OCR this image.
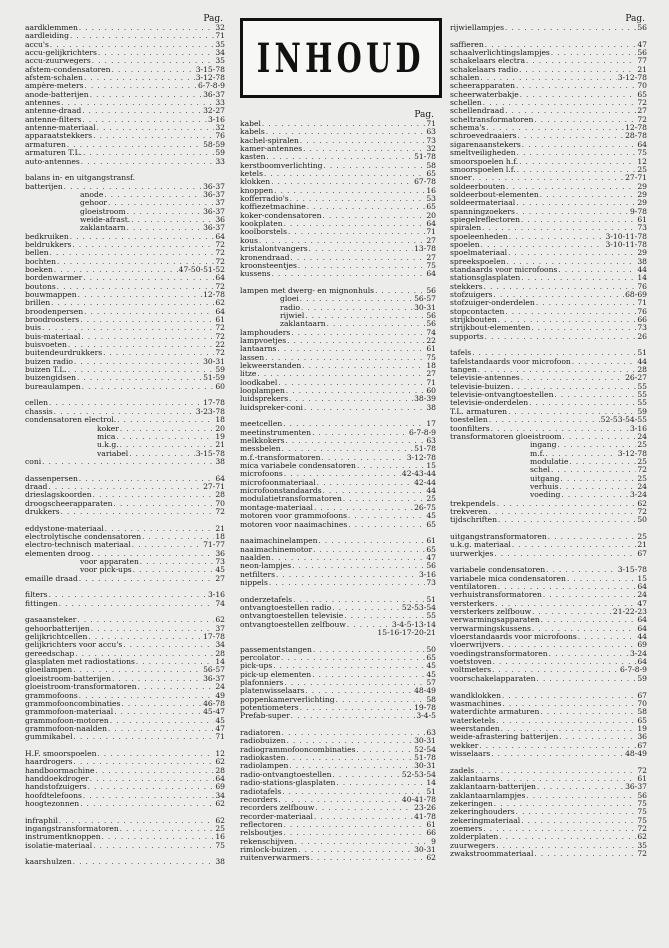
INHOUD
Pag.
aardklemmen . . .	32
aardleiding . . .	71
accu's . . .	35
accu-gelijkrichters . . .	34
accu-zuurwegers . . .	35
afstem-condensatoren . . .	3-15-78
afstem-schalen . . .	3-12-78
ampère-meters . . .	6-7-8-9
anode-batterijen . . .	36-37
antennes . . .	33
antenne-draad . . .	32-27
antenne-filters . . .	3-16
antenne-materiaal . . .	32
apparaatstekkers . . .	76
armaturen . . .	58-59
armaturen T.L. . . .	59
auto-antennes . . .	33
balans in- en uitgangstransf.
batterijen . . .	36-37
anode . . .	36-37
gehoor . . .	37
gloeistroom . . .	36-37
weide-afrast. . . .	36
zaklantaarn . . .	36-37
bedkruiken . . .	64
beldrukkers . . .	72
bellen . . .	72
bochten . . .	72
boeken . . .	47-50-51-52
bordenwarmer . . .	64
boutons . . .	72
bouwmappen . . .	12-78
brillen . . .	62
broodenpersen . . .	64
broodroosters . . .	61
buis . . .	72
buis-materiaal . . .	72
buisvoeten . . .	22
buitendeurdrukkers . . .	72
buizen radio . . .	30-31
buizen T.L. . . .	59
buizengidsen . . .	51-59
bureaulampen . . .	60
cellen . . .	17-78
chassis . . .	3-23-78
condensatoren electrol. . . .	18
koker . . .	20
mica . . .	19
u.k.g. . . .	21
variabel . . .	3-15-78
coni . . .	38
dassenpersen . . .	64
draad . . .	27-71
drieslagskoorden . . .	28
droogscheerapparaten . . .	70
drukkers . . .	72
eddystone-materiaal . . .	21
electrolytische condensatoren . . .	18
electro-technisch materiaal . . .	71-77
elementen droog . . .	36
voor apparaten . . .	73
voor pick-ups . . .	45
emaille draad . . .	27
filters . . .	3-16
fittingen . . .	74
gasaansteker . . .	62
gehoorbatterijen . . .	37
gelijkrichtcellen . . .	17-78
gelijkrichters voor accu's . . .	34
gereedschap . . .	28
glasplaten met radiostations . . .	14
gloeilampen . . .	56-57
gloeistroom-batterijen . . .	36-37
gloeistroom-transformatoren . . .	24
grammofoons . . .	49
grammofooncombinaties . . .	46-78
grammofoon-materiaal . . .	45-47
grammofoon-motoren . . .	45
grammofoon-naalden . . .	47
gummikabel . . .	71
H.F. smoorspoelen . . .	12
haardrogers . . .	62
handboormachine . . .	28
handdoekdroger . . .	64
handstofzuigers . . .	69
hoofdtelefoons . . .	34
hoogtezonnen . . .	62
infraphil . . .	62
ingangstransformatoren . . .	25
instrumentknoppen . . .	16
isolatie-materiaal . . .	75
kaarshulzen . . .	38
Pag.
kabel . . .	71
kabels . . .	63
kachel-spiralen . . .	73
kamer-antennes . . .	32
kasten . . .	51-78
kerstboomverlichting . . .	58
ketels . . .	65
klokken . . .	67-78
knoppen . . .	16
kofferradio's . . .	53
koffiezetmachine . . .	65
koker-condensatoren . . .	20
kookplaten . . .	64
koolborstels . . .	71
kous . . .	27
kristalontvangers . . .	13-78
kronendraad . . .	27
kroonsteentjes . . .	75
kussens . . .	64
lampen met dwerg- en mignonhuls . . .	56
gloei . . .	56-57
radio . . .	30-31
rijwiel . . .	56
zaklantaarn . . .	56
lamphouders . . .	74
lampvoetjes . . .	22
lantaarns . . .	61
lassen . . .	75
lekweerstanden . . .	18
litze . . .	27
loodkabel . . .	71
looplampen . . .	60
luidsprekers . . .	38-39
luidspreker-coni . . .	38
meetcellen . . .	17
meetinstrumenten . . .	6-7-8-9
melkkokers . . .	63
messbelen . . .	51-78
m.f.-transformatoren . . .	3-12-78
mica variabele condensatoren . . .	15
microfoons . . .	42-43-44
microfoonmateriaal . . .	42-44
microfoonstandaards . . .	44
modulatietransformatoren . . .	25
montage-materiaal . . .	26-75
motoren voor grammofoons . . .	45
motoren voor naaimachines . . .	65
naaimachinelampen . . .	61
naaimachinemotor . . .	65
naalden . . .	47
neon-lampjes . . .	56
netfilters . . .	3-16
nippels . . .	73
onderzetafels . . .	51
ontvangtoestellen radio . . .	52-53-54
ontvangtoestellen televisie . . .	55
ontvangtoestellen zelfbouw . . .	3-4-5-13-14
15-16-17-20-21
passementstangen . . .	50
percolator . . .	65
pick-ups . . .	45
pick-up elementen . . .	45
plafonniers . . .	57
platenwisselaars . . .	48-49
poppenkamerverlichting . . .	58
potentiometers . . .	19-78
Prefab-super . . .	3-4-5
radiatoren . . .	63
radiobuizen . . .	30-31
radiogrammofooncombinaties . . .	52-54
radiokasten . . .	51-78
radiolampen . . .	30-31
radio-ontvangtoestellen . . .	52-53-54
radio-stations-glasplaten . . .	14
radiotafels . . .	51
recorders . . .	40-41-78
recorders zelfbouw . . .	23-26
recorder-materiaal . . .	41-78
reflectoren . . .	61
relsboutjes . . .	66
rekenschijven . . .	9
rimlock-buizen . . .	30-31
ruitenverwarmers . . .	62
Pag.
rijwiellampjes . . .	56
saffieren . . .	47
schaalverlichtingslampjes . . .	56
schakelaars electra . . .	77
schakelaars radio . . .	21
schalen . . .	3-12-78
scheerapparaten . . .	70
scheerwaterbakje . . .	65
schellen . . .	72
schellendraad . . .	27
scheltransformatoren . . .	72
schema's . . .	12-78
schroevedraaiers . . .	28-78
sigarenaanstekers . . .	64
smeltveiligheden . . .	75
smoorspoelen h.f. . . .	12
smoorspoelen l.f. . . .	25
snoer . . .	27-71
soldeerbouten . . .	29
soldeerbout-elementen . . .	29
soldeermateriaal . . .	29
spanningzoekers . . .	9-78
spiegelreflectoren . . .	61
spiralen . . .	73
spoeleenheden . . .	3-10-11-78
spoelen . . .	3-10-11-78
spoelmateriaal . . .	29
spreekspoelen . . .	38
standaards voor microfoons . . .	44
stationsglasplaten . . .	14
stekkers . . .	76
stofzuigers . . .	68-69
stofzuiger-onderdelen . . .	71
stopcontacten . . .	76
strijkbouten . . .	66
strijkbout-elementen . . .	73
supports . . .	26
tafels . . .	51
tafelstandaards voor microfoon . . .	44
tangen . . .	28
televisie-antennes . . .	26-27
televisie-buizen . . .	55
televisie-ontvangtoestellen . . .	55
televisie-onderdelen . . .	55
T.L. armaturen . . .	59
toestellen . . .	52-53-54-55
toonfilters . . .	3-16
transformatoren gloeistroom . . .	24
ingang . . .	25
m.f. . . .	3-12-78
modulatie . . .	25
schel . . .	72
uitgang . . .	25
verhuis . . .	24
voeding . . .	3-24
trekpendels . . .	62
trekveren . . .	72
tijdschriften . . .	50
uitgangstransformatoren . . .	25
u.k.g. materiaal . . .	21
uurwerkjes . . .	67
variabele condensatoren . . .	3-15-78
variabele mica condensatoren . . .	15
ventilatoren . . .	64
verhuistransformatoren . . .	24
versterkers . . .	47
versterkers zelfbouw . . .	21-22-23
verwarmingsapparaten . . .	64
verwarmingskussens . . .	64
vloerstandaards voor microfoons . . .	44
vloerwrijvers . . .	69
voedingstransformatoren . . .	3-24
voetstoven . . .	64
voltmeters . . .	6-7-8-9
voorschakelapparaten . . .	59
wandklokken . . .	67
wasmachines . . .	70
waterdichte armaturen . . .	58
waterketels . . .	65
weerstanden . . .	19
weide-afrastering batterijen . . .	36
wekker . . .	67
wisselaars . . .	48-49
zadels . . .	72
zaklantaarns . . .	61
zaklantaarn-batterijen . . .	36-37
zaklantaarnlampjes . . .	56
zekeringen . . .	75
zekeringhouders . . .	75
zekeringmateriaal . . .	75
zoemers . . .	72
zolderplaten . . .	62
zuurwegers . . .	35
zwakstroommateriaal . . .	72
